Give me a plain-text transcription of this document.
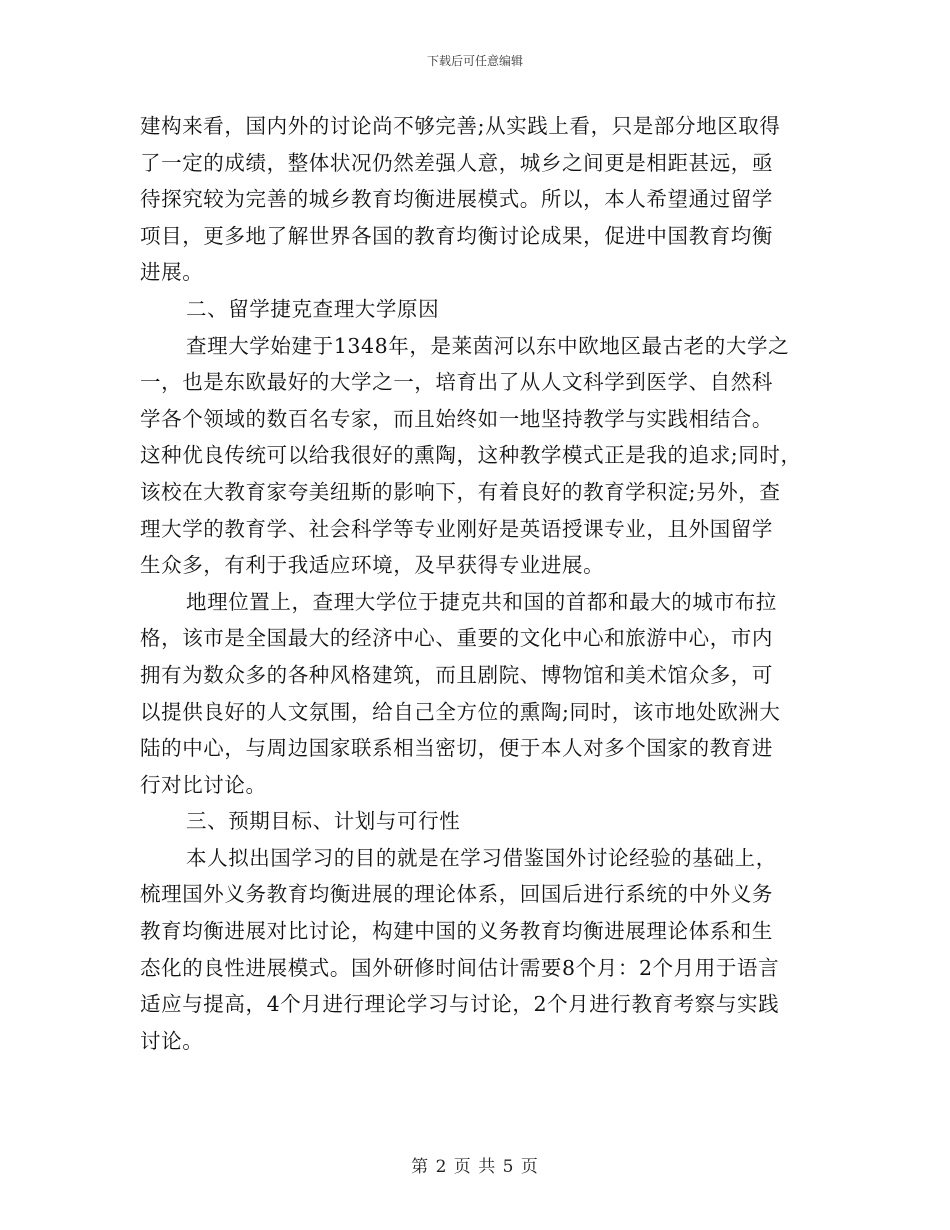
下载后可任意编辑
建构来看，国内外的讨论尚不够完善;从实践上看，只是部分地区取得
了一定的成绩，整体状况仍然差强人意，城乡之间更是相距甚远，亟
待探究较为完善的城乡教育均衡进展模式。所以，本人希望通过留学
项目，更多地了解世界各国的教育均衡讨论成果，促进中国教育均衡
进展。
二、留学捷克查理大学原因
查理大学始建于1348年，是莱茵河以东中欧地区最古老的大学之
一，也是东欧最好的大学之一，培育出了从人文科学到医学、自然科
学各个领域的数百名专家，而且始终如一地坚持教学与实践相结合。
这种优良传统可以给我很好的熏陶，这种教学模式正是我的追求;同时，
该校在大教育家夸美纽斯的影响下，有着良好的教育学积淀;另外，查
理大学的教育学、社会科学等专业刚好是英语授课专业，且外国留学
生众多，有利于我适应环境，及早获得专业进展。
地理位置上，查理大学位于捷克共和国的首都和最大的城市布拉
格，该市是全国最大的经济中心、重要的文化中心和旅游中心，市内
拥有为数众多的各种风格建筑，而且剧院、博物馆和美术馆众多，可
以提供良好的人文氛围，给自己全方位的熏陶;同时，该市地处欧洲大
陆的中心，与周边国家联系相当密切，便于本人对多个国家的教育进
行对比讨论。
三、预期目标、计划与可行性
本人拟出国学习的目的就是在学习借鉴国外讨论经验的基础上，
梳理国外义务教育均衡进展的理论体系，回国后进行系统的中外义务
教育均衡进展对比讨论，构建中国的义务教育均衡进展理论体系和生
态化的良性进展模式。国外研修时间估计需要8个月：2个月用于语言
适应与提高，4个月进行理论学习与讨论，2个月进行教育考察与实践
讨论。
第 2 页 共 5 页
